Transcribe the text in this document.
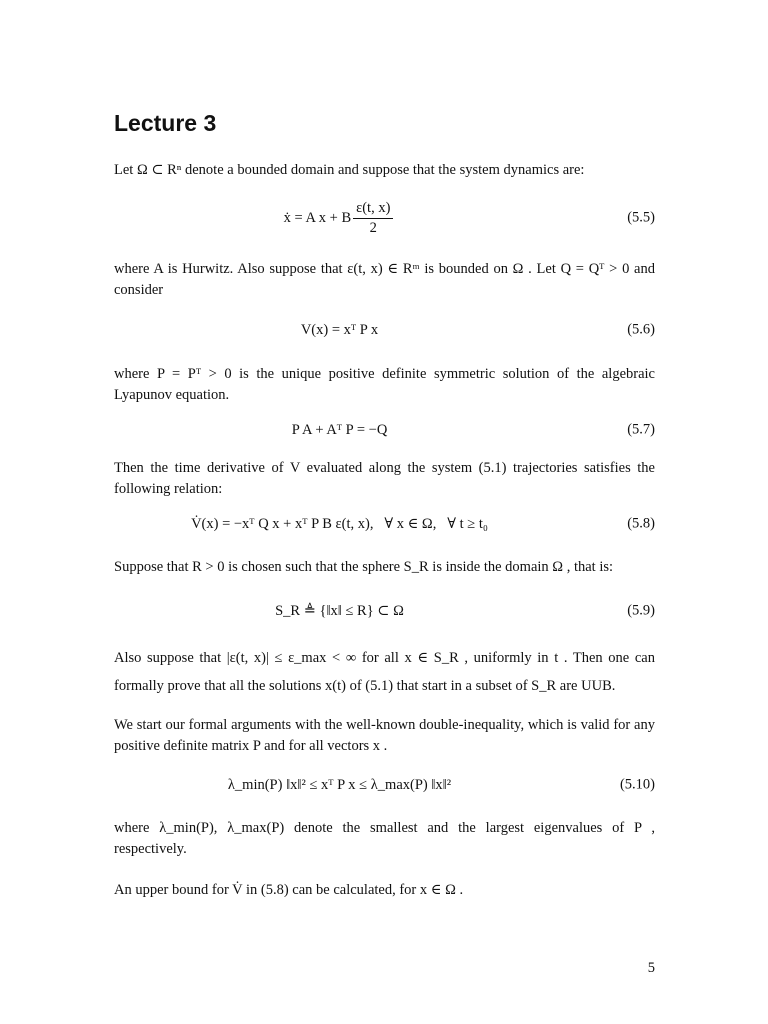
Lecture 3

Let Ω ⊂ Rⁿ denote a bounded domain and suppose that the system dynamics are:

ẋ = A x + B $\frac{\varepsilon(t, x)}{2}$	(5.5)

where A is Hurwitz. Also suppose that ε(t, x) ∈ Rᵐ is bounded on Ω . Let Q = Qᵀ > 0 and consider

V(x) = xᵀ P x	(5.6)

where P = Pᵀ > 0 is the unique positive definite symmetric solution of the algebraic Lyapunov equation.

P A + Aᵀ P = −Q	(5.7)

Then the time derivative of V evaluated along the system (5.1) trajectories satisfies the following relation:

V̇(x) = −xᵀ Q x + xᵀ P B ε(t, x),   ∀ x ∈ Ω,   ∀ t ≥ t₀	(5.8)

Suppose that R > 0 is chosen such that the sphere S_R is inside the domain Ω , that is:

S_R ≜ {‖x‖ ≤ R} ⊂ Ω	(5.9)

Also suppose that |ε(t, x)| ≤ ε_max < ∞ for all x ∈ S_R , uniformly in t . Then one can formally prove that all the solutions x(t) of (5.1) that start in a subset of S_R are UUB.

We start our formal arguments with the well-known double-inequality, which is valid for any positive definite matrix P and for all vectors x .

λ_min(P) ‖x‖² ≤ xᵀ P x ≤ λ_max(P) ‖x‖²	(5.10)

where λ_min(P), λ_max(P) denote the smallest and the largest eigenvalues of P , respectively.

An upper bound for V̇ in (5.8) can be calculated, for x ∈ Ω .

5
